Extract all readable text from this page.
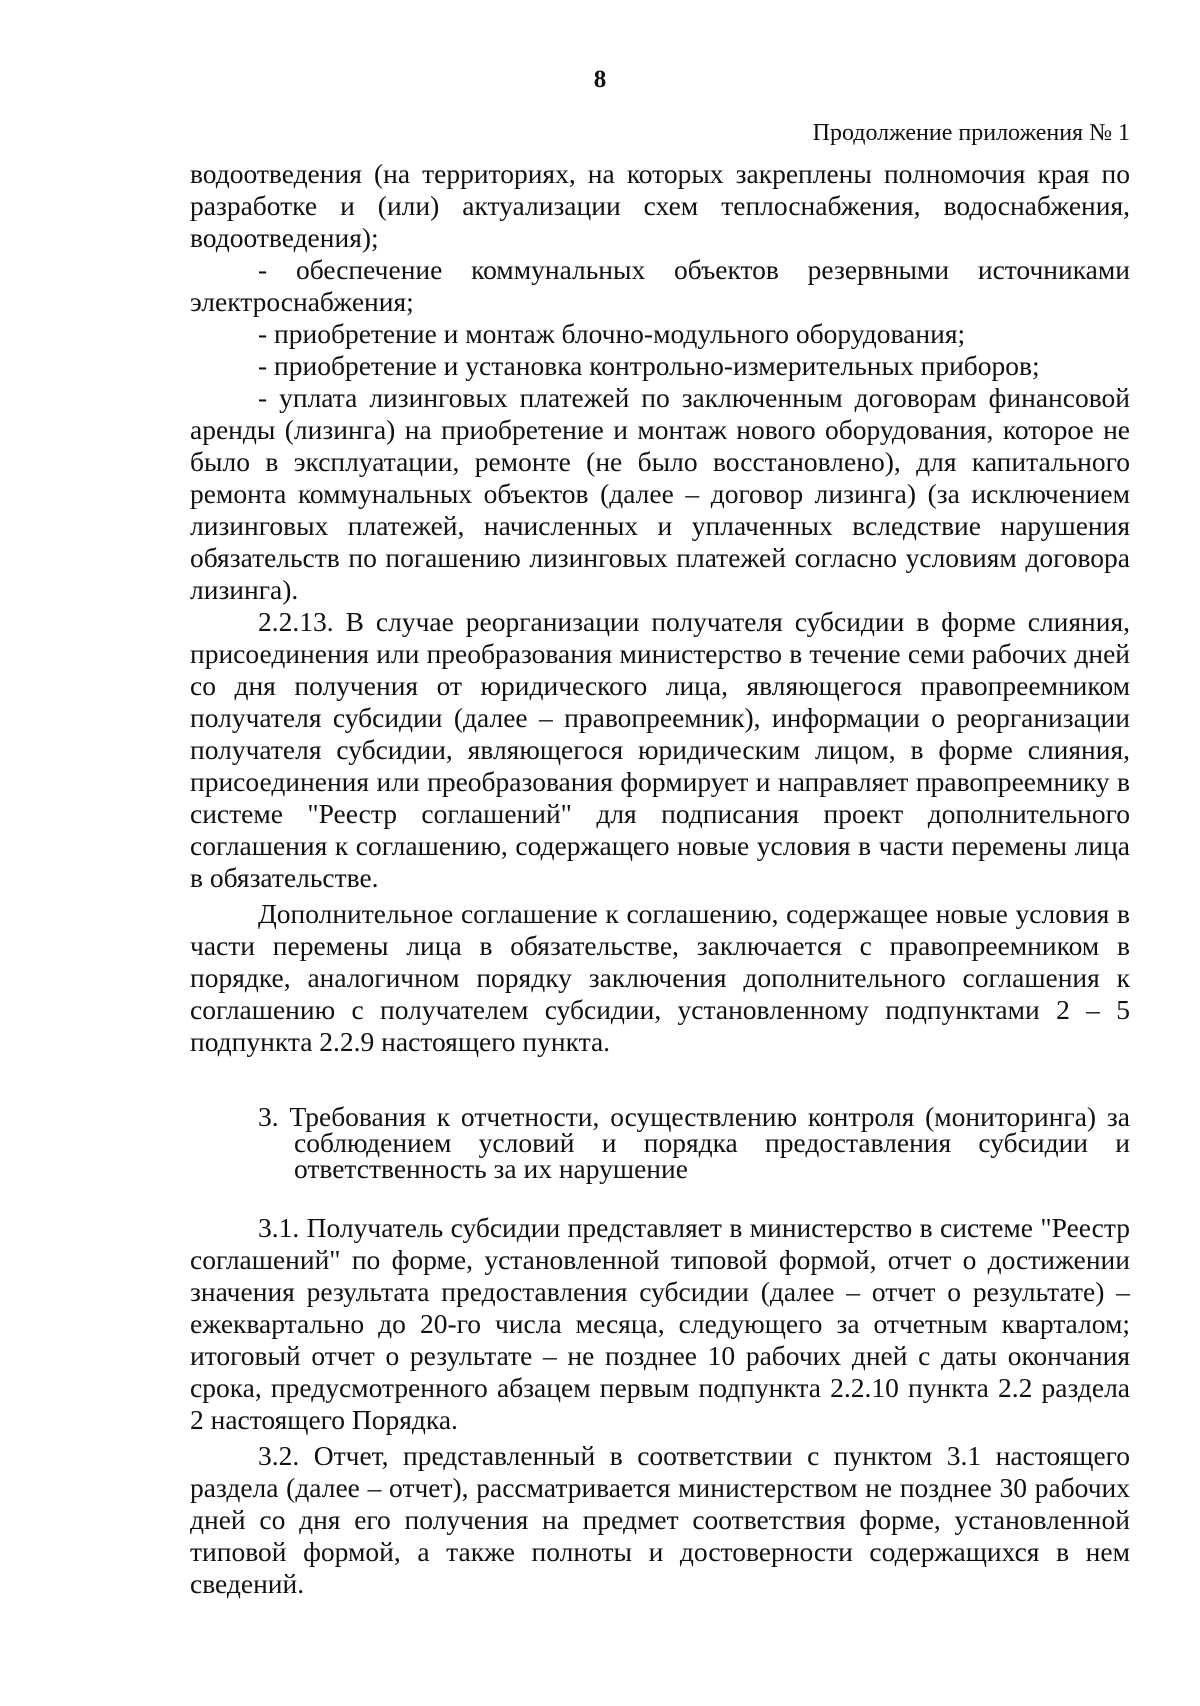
8
Продолжение приложения № 1

водоотведения (на территориях, на которых закреплены полномочия края по разработке и (или) актуализации схем теплоснабжения, водоснабжения, водоотведения);

- обеспечение коммунальных объектов резервными источниками электроснабжения;

- приобретение и монтаж блочно-модульного оборудования;

- приобретение и установка контрольно-измерительных приборов;

- уплата лизинговых платежей по заключенным договорам финансовой аренды (лизинга) на приобретение и монтаж нового оборудования, которое не было в эксплуатации, ремонте (не было восстановлено), для капитального ремонта коммунальных объектов (далее – договор лизинга) (за исключением лизинговых платежей, начисленных и уплаченных вследствие нарушения обязательств по погашению лизинговых платежей согласно условиям договора лизинга).

2.2.13. В случае реорганизации получателя субсидии в форме слияния, присоединения или преобразования министерство в течение семи рабочих дней со дня получения от юридического лица, являющегося правопреемником получателя субсидии (далее – правопреемник), информации о реорганизации получателя субсидии, являющегося юридическим лицом, в форме слияния, присоединения или преобразования формирует и направляет правопреемнику в системе "Реестр соглашений" для подписания проект дополнительного соглашения к соглашению, содержащего новые условия в части перемены лица в обязательстве.

Дополнительное соглашение к соглашению, содержащее новые условия в части перемены лица в обязательстве, заключается с правопреемником в порядке, аналогичном порядку заключения дополнительного соглашения к соглашению с получателем субсидии, установленному подпунктами 2 – 5 подпункта 2.2.9 настоящего пункта.

3. Требования к отчетности, осуществлению контроля (мониторинга) за соблюдением условий и порядка предоставления субсидии и ответственность за их нарушение

3.1. Получатель субсидии представляет в министерство в системе "Реестр соглашений" по форме, установленной типовой формой, отчет о достижении значения результата предоставления субсидии (далее – отчет о результате) – ежеквартально до 20-го числа месяца, следующего за отчетным кварталом; итоговый отчет о результате – не позднее 10 рабочих дней с даты окончания срока, предусмотренного абзацем первым подпункта 2.2.10 пункта 2.2 раздела 2 настоящего Порядка.

3.2. Отчет, представленный в соответствии с пунктом 3.1 настоящего раздела (далее – отчет), рассматривается министерством не позднее 30 рабочих дней со дня его получения на предмет соответствия форме, установленной типовой формой, а также полноты и достоверности содержащихся в нем сведений.
